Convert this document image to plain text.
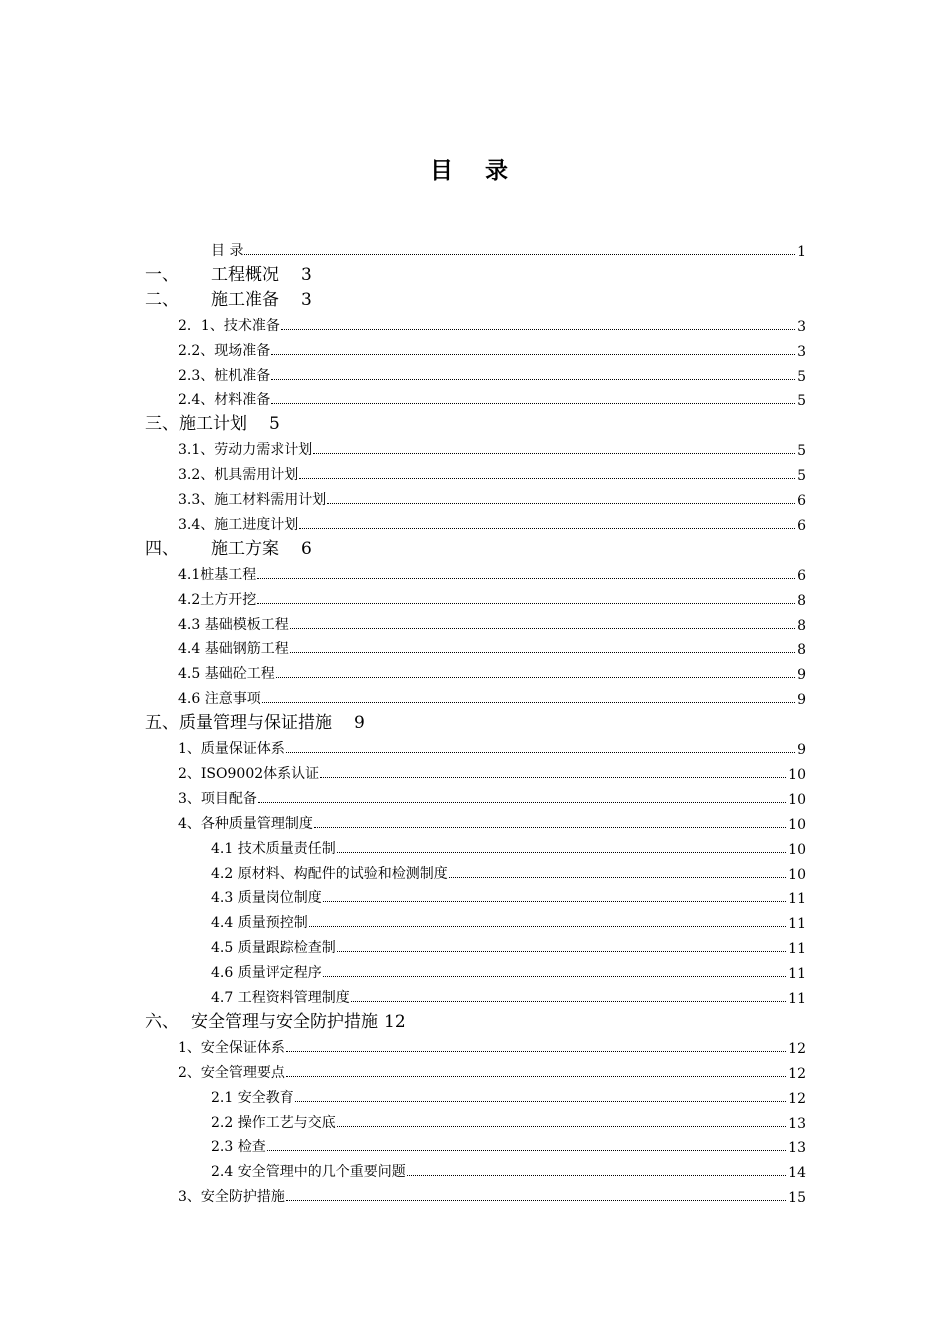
目 录
目 录	1
一、	工程概况 3
二、	施工准备 3
2．1、技术准备	3
2.2、现场准备	3
2.3、桩机准备	5
2.4、材料准备	5
三、 施工计划 5
3.1、劳动力需求计划	5
3.2、机具需用计划	5
3.3、施工材料需用计划	6
3.4、施工进度计划	6
四、	施工方案 6
4.1桩基工程	6
4.2土方开挖	8
4.3 基础模板工程	8
4.4 基础钢筋工程	8
4.5 基础砼工程	9
4.6 注意事项	9
五、 质量管理与保证措施 9
1、质量保证体系	9
2、ISO9002体系认证	10
3、项目配备	10
4、各种质量管理制度	10
4.1 技术质量责任制	10
4.2 原材料、构配件的试验和检测制度	10
4.3 质量岗位制度	11
4.4 质量预控制	11
4.5 质量跟踪检查制	11
4.6 质量评定程序	11
4.7 工程资料管理制度	11
六、 安全管理与安全防护措施 12
1、安全保证体系	12
2、安全管理要点	12
2.1 安全教育	12
2.2 操作工艺与交底	13
2.3 检查	13
2.4 安全管理中的几个重要问题	14
3、安全防护措施	15
